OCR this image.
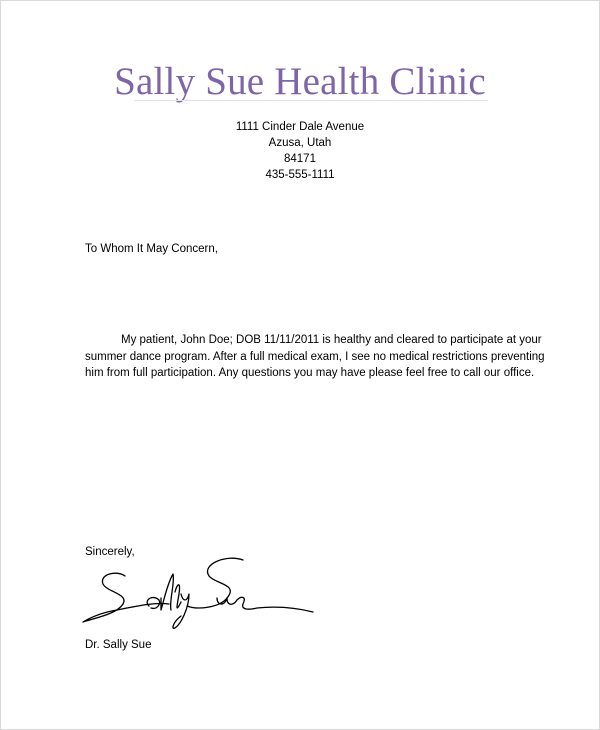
Sally Sue Health Clinic
1111 Cinder Dale Avenue
Azusa, Utah
84171
435-555-1111
To Whom It May Concern,
My patient, John Doe; DOB 11/11/2011 is healthy and cleared to participate at your summer dance program. After a full medical exam, I see no medical restrictions preventing him from full participation. Any questions you may have please feel free to call our office.
Sincerely,
Dr. Sally Sue
